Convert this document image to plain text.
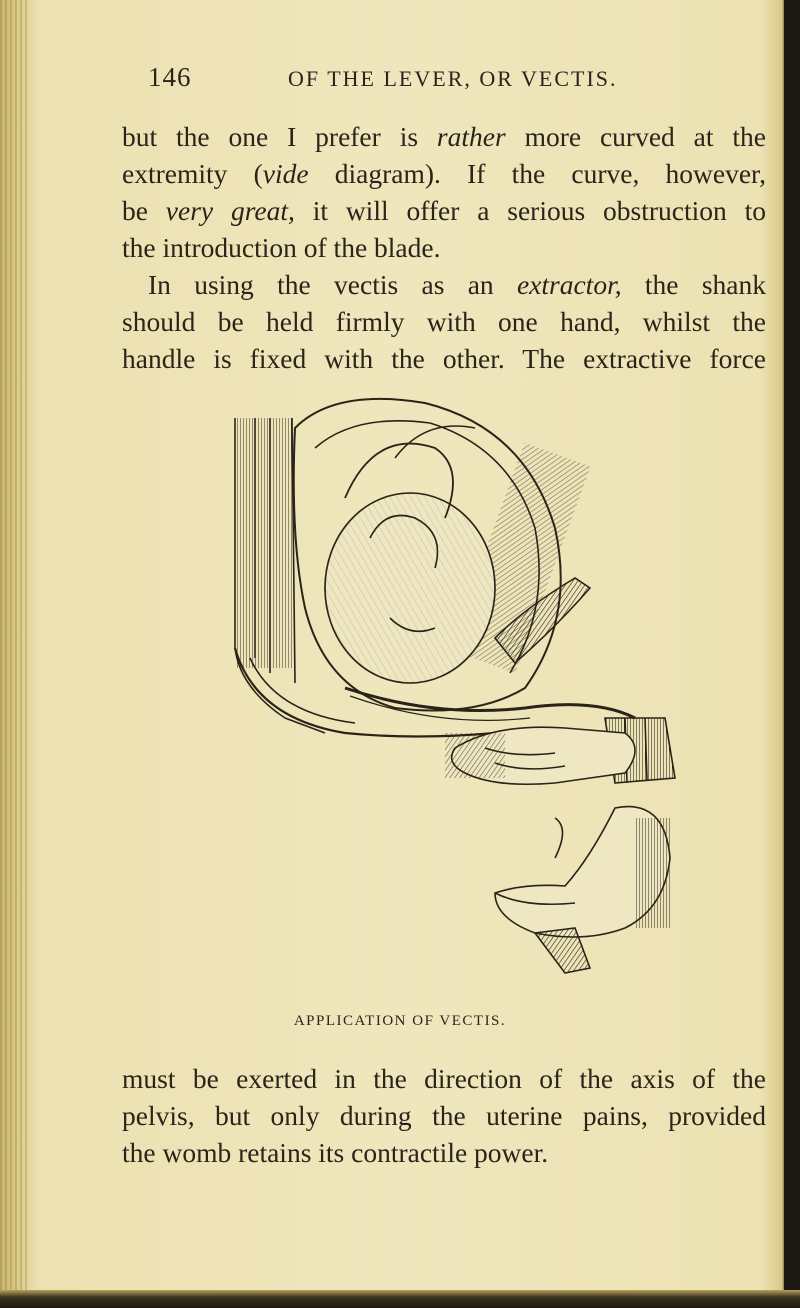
146	OF THE LEVER, OR VECTIS.
but the one I prefer is rather more curved at the
extremity (vide diagram). If the curve, however,
be very great, it will offer a serious obstruction to
the introduction of the blade.
In using the vectis as an extractor, the shank
should be held firmly with one hand, whilst the
handle is fixed with the other. The extractive force
APPLICATION OF VECTIS.
must be exerted in the direction of the axis of the
pelvis, but only during the uterine pains, provided
the womb retains its contractile power.
